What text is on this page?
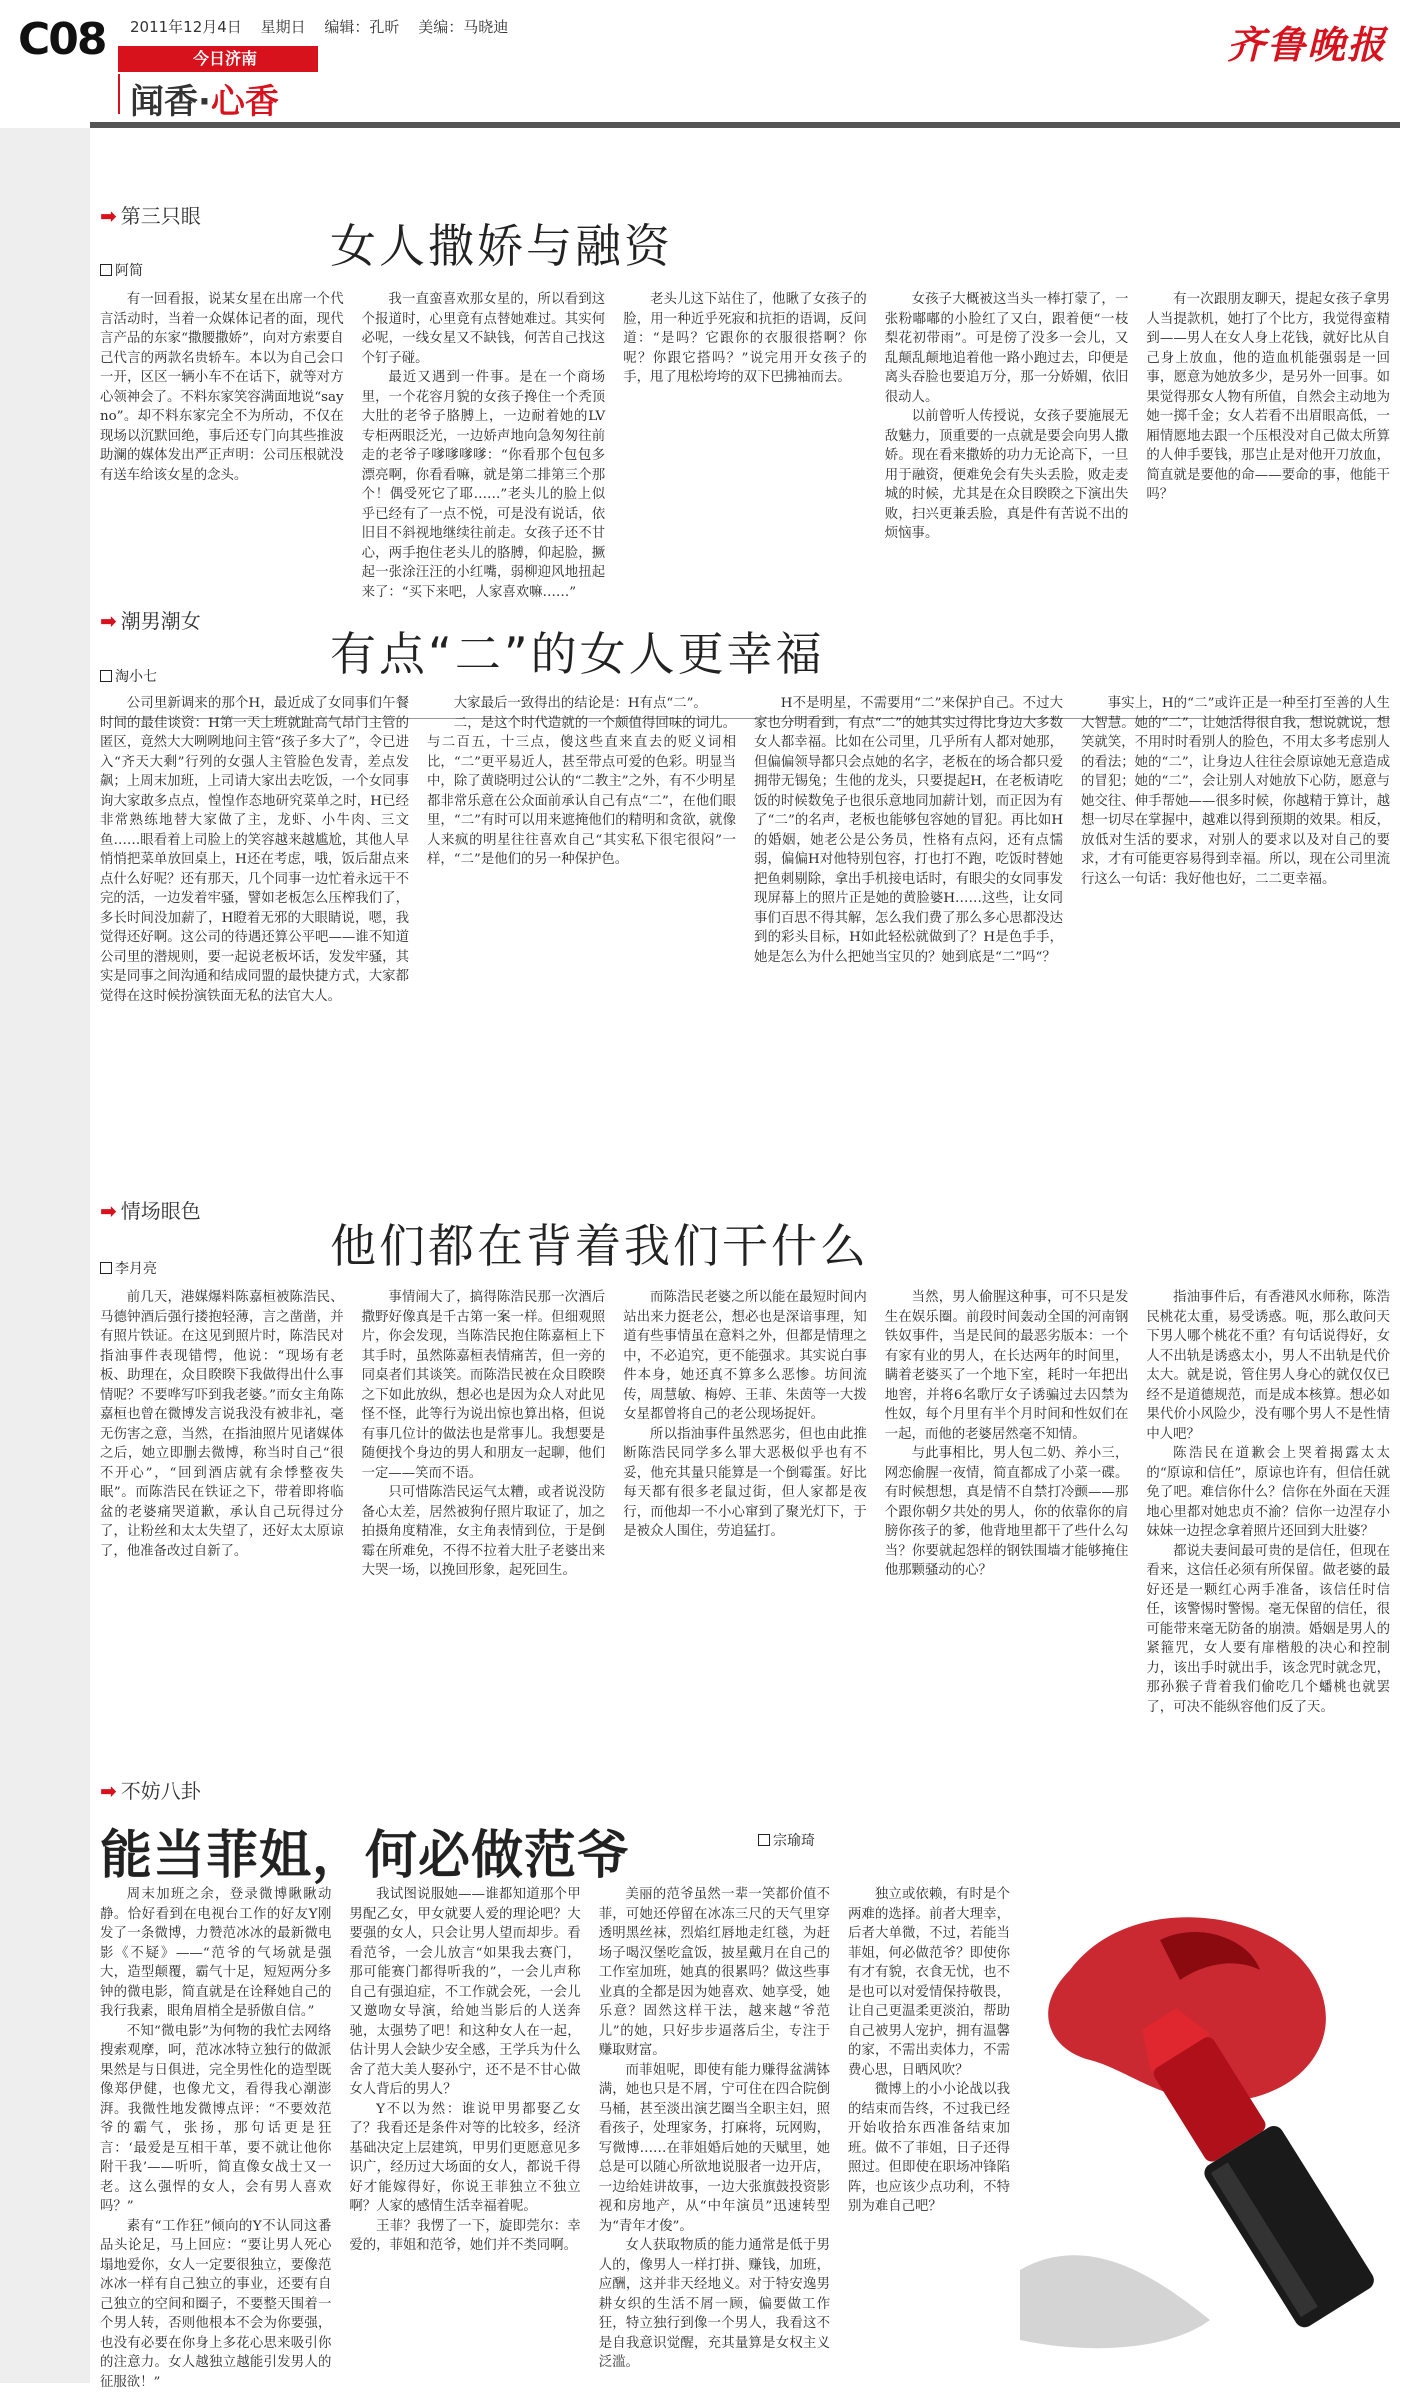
C08 2011年12月4日 星期日 编辑：孔昕 美编：马晓迪
今日济南
闻香·心香
齐鲁晚报
➡ 第三只眼
女人撒娇与融资
阿简

有一回看报，说某女星在出席一个代言活动时，当着一众媒体记者的面，现代言产品的东家“撒腰撒娇”，向对方索要自己代言的两款名贵轿车。本以为自己会口一开，区区一辆小车不在话下，就等对方心领神会了。不料东家笑容满面地说“say no”。却不料东家完全不为所动，不仅在现场以沉默回绝，事后还专门向其些推波助澜的媒体发出严正声明：公司压根就没有送车给该女星的念头。

我一直蛮喜欢那女星的，所以看到这个报道时，心里竟有点替她难过。其实何必呢，一线女星又不缺钱，何苦自己找这个钉子碰。

最近又遇到一件事。是在一个商场里，一个花容月貌的女孩子搀住一个秃顶大肚的老爷子胳膊上，一边耐着她的LV专柜两眼泛光，一边娇声地向急匆匆往前走的老爷子嗲嗲嗲嗲：“你看那个包包多漂亮啊，你看看嘛，就是第二排第三个那个！偶受死它了耶……”老头儿的脸上似乎已经有了一点不悦，可是没有说话，依旧目不斜视地继续往前走。女孩子还不甘心，两手抱住老头儿的胳膊，仰起脸，撅起一张涂汪汪的小红嘴，弱柳迎风地扭起来了：“买下来吧，人家喜欢嘛……”

老头儿这下站住了，他瞅了女孩子的脸，用一种近乎死寂和抗拒的语调，反问道：“是吗？它跟你的衣服很搭啊？你呢？你跟它搭吗？”说完用开女孩子的手，甩了甩松垮垮的双下巴拂袖而去。

女孩子大概被这当头一棒打蒙了，一张粉嘟嘟的小脸红了又白，跟着便“一枝梨花初带雨”。可是傍了没多一会儿，又乱颠乱颠地追着他一路小跑过去，印便是离头吞脸也要追万分，那一分娇媚，依旧很动人。

以前曾听人传授说，女孩子要施展无敌魅力，顶重要的一点就是要会向男人撒娇。现在看来撒娇的功力无论高下，一旦用于融资，便难免会有失头丢脸，败走麦城的时候，尤其是在众目睽睽之下演出失败，扫兴更兼丢脸，真是件有苦说不出的烦恼事。

有一次跟朋友聊天，提起女孩子拿男人当提款机，她打了个比方，我觉得蛮精到——男人在女人身上花钱，就好比从自己身上放血，他的造血机能强弱是一回事，愿意为她放多少，是另外一回事。如果觉得那女人物有所值，自然会主动地为她一掷千金；女人若看不出眉眼高低，一厢情愿地去跟一个压根没对自己做太所算的人伸手要钱，那岂止是对他开刀放血，简直就是要他的命——要命的事，他能干吗？

➡ 潮男潮女
有点“二”的女人更幸福
淘小七

公司里新调来的那个H，最近成了女同事们午餐时间的最佳谈资：H第一天上班就趾高气昂门主管的匿区，竟然大大咧咧地问主管“孩子多大了”，令已进入“齐天大剩”行列的女强人主管脸色发青，差点发飙；上周末加班，上司请大家出去吃饭，一个女同事询大家敢多点点，惶惶作态地研究菜单之时，H已经非常熟练地替大家做了主，龙虾、小牛肉、三文鱼……眼看着上司脸上的笑容越来越尴尬，其他人早悄悄把菜单放回桌上，H还在考虑，哦，饭后甜点来点什么好呢？还有那天，几个同事一边忙着永远干不完的活，一边发着牢骚，譬如老板怎么压榨我们了，多长时间没加薪了，H瞪着无邪的大眼睛说，嗯，我觉得还好啊。这公司的待遇还算公平吧——谁不知道公司里的潜规则，要一起说老板坏话，发发牢骚，其实是同事之间沟通和结成同盟的最快捷方式，大家都觉得在这时候扮演铁面无私的法官大人。

大家最后一致得出的结论是：H有点“二”。

二，是这个时代造就的一个颇值得回味的词儿。与二百五，十三点，傻这些直来直去的贬义词相比，“二”更平易近人，甚至带点可爱的色彩。明显当中，除了黄晓明过公认的“二教主”之外，有不少明星都非常乐意在公众面前承认自己有点“二”，在他们眼里，“二”有时可以用来遮掩他们的精明和贪欲，就像人来疯的明星往往喜欢自己“其实私下很宅很闷”一样，“二”是他们的另一种保护色。

H不是明星，不需要用“二”来保护自己。不过大家也分明看到，有点“二”的她其实过得比身边大多数女人都幸福。比如在公司里，几乎所有人都对她那，但偏偏领导都只会点她的名字，老板在的场合都只爱拥带无锡兔；生他的龙头，只要提起H，在老板请吃饭的时候数兔子也很乐意地同加薪计划，而正因为有了“二”的名声，老板也能够包容她的冒犯。再比如H的婚姻，她老公是公务员，性格有点闷，还有点懦弱，偏偏H对他特别包容，打也打不跑，吃饭时替她把鱼刺剔除，拿出手机接电话时，有眼尖的女同事发现屏幕上的照片正是她的黄脸婆H……这些，让女同事们百思不得其解，怎么我们费了那么多心思都没达到的彩头目标，H如此轻松就做到了？H是色手手，她是怎么为什么把她当宝贝的？她到底是“二”吗“？

事实上，H的“二”或许正是一种至打至善的人生大智慧。她的“二”，让她活得很自我，想说就说，想笑就笑，不用时时看别人的脸色，不用太多考虑别人的看法；她的“二”，让身边人往往会原谅她无意造成的冒犯；她的“二”，会让别人对她放下心防，愿意与她交往、伸手帮她——很多时候，你越精于算计，越想一切尽在掌握中，越难以得到预期的效果。相反，放低对生活的要求，对别人的要求以及对自己的要求，才有可能更容易得到幸福。所以，现在公司里流行这么一句话：我好他也好，二二更幸福。

➡ 情场眼色
他们都在背着我们干什么
李月亮

前几天，港媒爆料陈嘉桓被陈浩民、马德钟酒后强行搂抱轻薄，言之凿凿，并有照片铁证。在这见到照片时，陈浩民对指油事件表现错愕，他说：“现场有老板、助理在，众目睽睽下我做得出什么事情呢？不要哗写吓到我老婆。”而女主角陈嘉桓也曾在微博发言说我没有被非礼，毫无伤害之意，当然，在指油照片见诸媒体之后，她立即删去微博，称当时自己“很不开心”，“回到酒店就有余悸整夜失眠”。而陈浩民在铁证之下，带着即将临盆的老婆痛哭道歉，承认自己玩得过分了，让粉丝和太太失望了，还好太太原谅了，他准备改过自新了。

事情闹大了，搞得陈浩民那一次酒后撒野好像真是千古第一案一样。但细观照片，你会发现，当陈浩民抱住陈嘉桓上下其手时，虽然陈嘉桓表情痛苦，但一旁的同桌者们其谈笑。而陈浩民被在众目睽睽之下如此放纵，想必也是因为众人对此见怪不怪，此等行为说出惊也算出格，但说有事几位计的做法也是常事儿。我想要是随便找个身边的男人和朋友一起聊，他们一定——笑而不语。

只可惜陈浩民运气太糟，或者说没防备心太差，居然被狗仔照片取证了，加之拍摄角度精准，女主角表情到位，于是倒霉在所难免，不得不拉着大肚子老婆出来大哭一场，以挽回形象，起死回生。

而陈浩民老婆之所以能在最短时间内站出来力挺老公，想必也是深谙事理，知道有些事情虽在意料之外，但都是情理之中，不必追究，更不能强求。其实说白事件本身，她还真不算多么恶惨。坊间流传，周慧敏、梅婷、王菲、朱茵等一大拨女星都曾将自己的老公现场捉奸。

所以指油事件虽然恶劣，但也由此推断陈浩民同学多么罪大恶极似乎也有不妥，他充其量只能算是一个倒霉蛋。好比每天都有很多老鼠过街，但人家都是夜行，而他却一不小心窜到了聚光灯下，于是被众人围住，劳追猛打。

当然，男人偷腥这种事，可不只是发生在娱乐圈。前段时间轰动全国的河南钢铁奴事件，当是民间的最恶劣版本：一个有家有业的男人，在长达两年的时间里，瞒着老婆买了一个地下室，耗时一年把出地窖，并将6名歌厅女子诱骗过去囚禁为性奴，每个月里有半个月时间和性奴们在一起，而他的老婆居然毫不知情。

与此事相比，男人包二奶、养小三，网恋偷腥一夜情，简直都成了小菜一碟。有时候想想，真是情不自禁打冷颤——那个跟你朝夕共处的男人，你的依靠你的肩膀你孩子的爹，他背地里都干了些什么勾当？你要就起怨样的钢铁围墙才能够掩住他那颗骚动的心？

指油事件后，有香港风水师称，陈浩民桃花太重，易受诱惑。呃，那么敢问天下男人哪个桃花不重？有句话说得好，女人不出轨是诱惑太小，男人不出轨是代价太大。就是说，管住男人身心的就仅仅已经不是道德规范，而是成本核算。想必如果代价小风险少，没有哪个男人不是性情中人吧？

陈浩民在道歉会上哭着揭露太太的“原谅和信任”，原谅也许有，但信任就免了吧。难信你什么？信你在外面在天涯地心里都对她忠贞不渝？信你一边涅存小妹妹一边捏念拿着照片还回到大肚婆？

都说夫妻间最可贵的是信任，但现在看来，这信任必须有所保留。做老婆的最好还是一颗红心两手准备，该信任时信任，该警惕时警惕。毫无保留的信任，很可能带来毫无防备的崩溃。婚姻是男人的紧箍咒，女人要有扉楷般的决心和控制力，该出手时就出手，该念咒时就念咒，那孙猴子背着我们偷吃几个蟠桃也就罢了，可决不能纵容他们反了天。

➡ 不妨八卦
能当菲姐，何必做范爷	宗瑜琦

周末加班之余，登录微博瞅瞅动静。恰好看到在电视台工作的好友Y刚发了一条微博，力赞范冰冰的最新微电影《不疑》——“范爷的气场就是强大，造型颠覆，霸气十足，短短两分多钟的微电影，简直就是在诠释她自己的我行我素，眼角眉梢全是骄傲自信。”

不知“微电影”为何物的我忙去网络搜索观摩，呵，范冰冰特立独行的做派果然是与日俱进，完全男性化的造型既像郑伊健，也像尤文，看得我心潮澎湃。我微性地发微博点评：“不要效范爷的霸气，张扬，那句话更是狂言：‘最爱是互相干革，要不就让他你附干我’——听听，简直像女战士又一老。这么强悍的女人，会有男人喜欢吗？”

素有“工作狂”倾向的Y不认同这番品头论足，马上回应：“要让男人死心塌地爱你，女人一定要很独立，要像范冰冰一样有自己独立的事业，还要有自己独立的空间和圈子，不要整天围着一个男人转，否则他根本不会为你要强，也没有必要在你身上多花心思来吸引你的注意力。女人越独立越能引发男人的征服欲！”

我试图说服她——谁都知道那个甲男配乙女，甲女就要人爱的理论吧？大要强的女人，只会让男人望而却步。看看范爷，一会儿放言“如果我去赛门，那可能赛门都得听我的”，一会儿声称自己有强迫症，不工作就会死，一会儿又邀吻女导演，给她当影后的人送奔驰，太强势了吧！和这种女人在一起，估计男人会缺少安全感，王学兵为什么舍了范大美人娶孙宁，还不是不甘心做女人背后的男人？

Y不以为然：谁说甲男都娶乙女了？我看还是条件对等的比较多，经济基础决定上层建筑，甲男们更愿意见多识广，经历过大场面的女人，都说千得好才能嫁得好，你说王菲独立不独立啊？人家的感情生活幸福着呢。

王菲？我愣了一下，旋即莞尔：幸爱的，菲姐和范爷，她们并不类同啊。

美丽的范爷虽然一辈一笑都价值不菲，可她还停留在冰冻三尺的天气里穿透明黑丝袜，烈焰红唇地走红毯，为赶场子喝汉堡吃盒饭，披星戴月在自己的工作室加班，她真的很累吗？做这些事业真的全都是因为她喜欢、她享受，她乐意？固然这样干法，越来越“爷范儿”的她，只好步步逼落后尘，专注于赚取财富。

而菲姐呢，即使有能力赚得盆满钵满，她也只是不屑，宁可住在四合院倒马桶，甚至淡出演艺圈当全职主妇，照看孩子，处理家务，打麻将，玩网购，写微博……在菲姐婚后她的天赋里，她总是可以随心所欲地说服者一边开店，一边给娃讲故事，一边大张旗鼓投资影视和房地产，从“中年演员”迅速转型为“青年才俊”。

女人获取物质的能力通常是低于男人的，像男人一样打拼、赚钱，加班，应酬，这并非天经地义。对于特安逸男耕女织的生活不屑一顾，偏要做工作狂，特立独行到像一个男人，我看这不是自我意识觉醒，充其量算是女权主义泛滥。

独立或依赖，有时是个两难的选择。前者大理幸，后者大单微，不过，若能当菲姐，何必做范爷？即使你有才有貌，衣食无忧，也不是也可以对爱情保持敬畏，让自己更温柔更淡泊，帮助自己被男人宠护，拥有温馨的家，不需出卖体力，不需费心思，日晒风吹？

微博上的小小论战以我的结束而告终，不过我已经开始收拾东西准备结束加班。做不了菲姐，日子还得照过。但即使在职场冲锋陷阵，也应该少点功利，不特别为难自己吧？
